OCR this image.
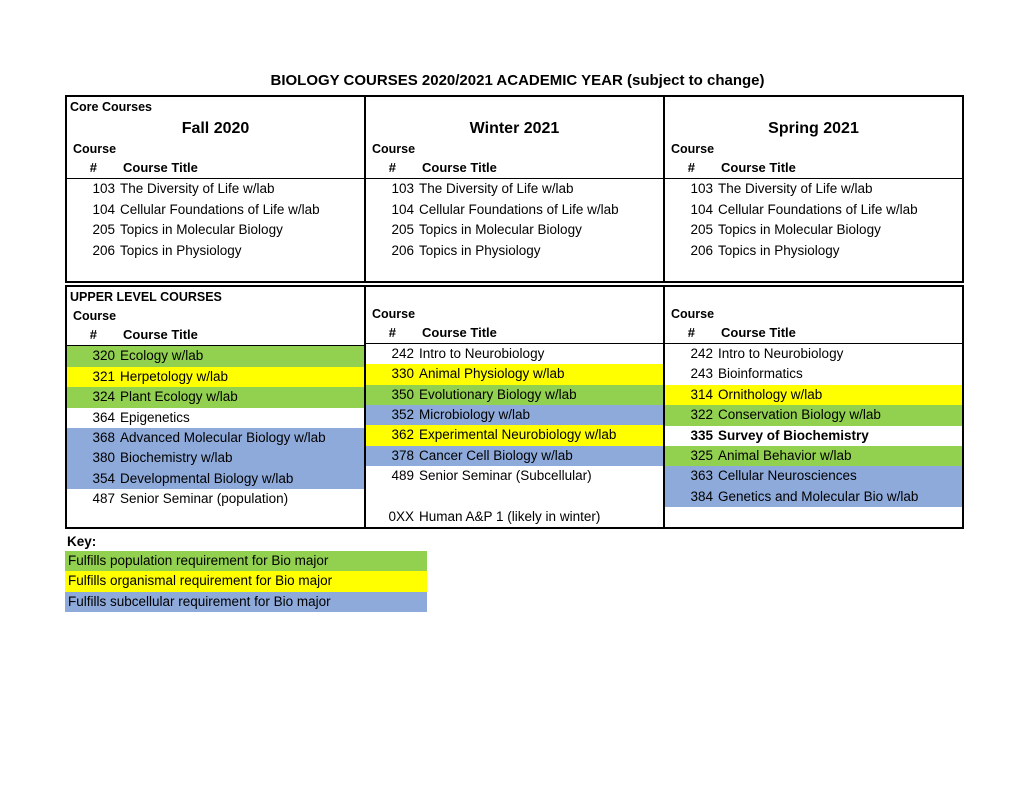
BIOLOGY COURSES 2020/2021 ACADEMIC YEAR (subject to change)
Core Courses
Fall 2020
Course
#	Course Title
103 The Diversity of Life w/lab
104 Cellular Foundations of Life w/lab
205 Topics in Molecular Biology
206 Topics in Physiology
Winter 2021
Course
#	Course Title
103 The Diversity of Life w/lab
104 Cellular Foundations of Life w/lab
205 Topics in Molecular Biology
206 Topics in Physiology
Spring 2021
Course
#	Course Title
103 The Diversity of Life w/lab
104 Cellular Foundations of Life w/lab
205 Topics in Molecular Biology
206 Topics in Physiology
UPPER LEVEL COURSES
Course
#	Course Title
320 Ecology w/lab
321 Herpetology w/lab
324 Plant Ecology w/lab
364 Epigenetics
368 Advanced Molecular Biology w/lab
380 Biochemistry w/lab
354 Developmental Biology w/lab
487 Senior Seminar (population)
Course
#	Course Title
242 Intro to Neurobiology
330 Animal Physiology w/lab
350 Evolutionary Biology w/lab
352 Microbiology w/lab
362 Experimental Neurobiology w/lab
378 Cancer Cell Biology w/lab
489 Senior Seminar (Subcellular)
0XX Human A&P 1 (likely in winter)
Course
#	Course Title
242 Intro to Neurobiology
243 Bioinformatics
314 Ornithology w/lab
322 Conservation Biology w/lab
335 Survey of Biochemistry
325 Animal Behavior w/lab
363 Cellular Neurosciences
384 Genetics and Molecular Bio w/lab
Key:
Fulfills population requirement for Bio major
Fulfills organismal requirement for Bio major
Fulfills subcellular requirement for Bio major
